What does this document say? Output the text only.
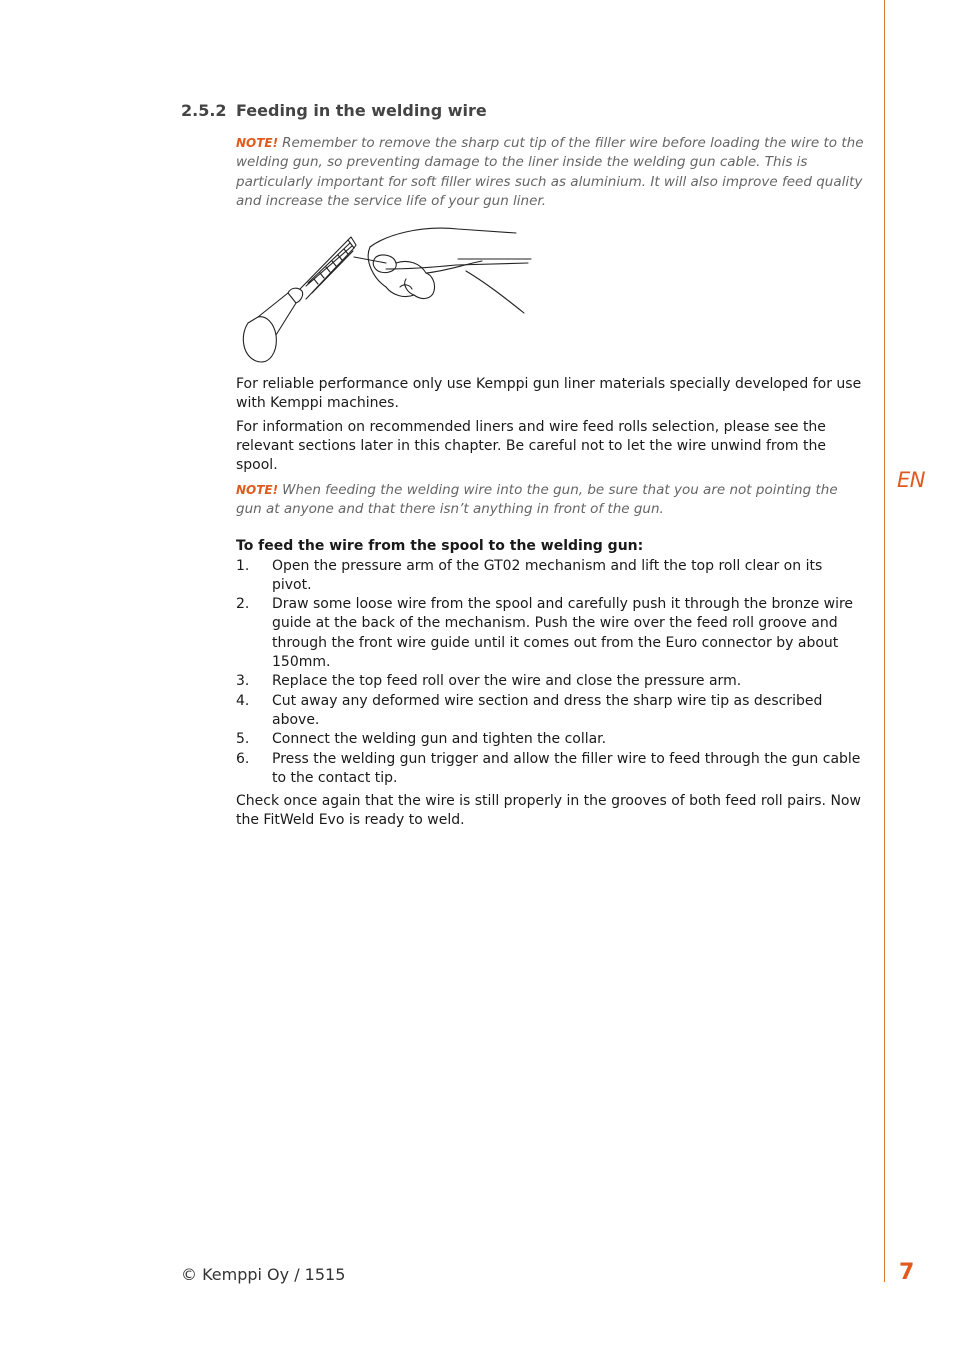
EN
2.5.2 Feeding in the welding wire

NOTE! Remember to remove the sharp cut tip of the filler wire before loading the wire to the welding gun, so preventing damage to the liner inside the welding gun cable. This is particularly important for soft filler wires such as aluminium. It will also improve feed quality and increase the service life of your gun liner.

For reliable performance only use Kemppi gun liner materials specially developed for use with Kemppi machines.

For information on recommended liners and wire feed rolls selection, please see the relevant sections later in this chapter. Be careful not to let the wire unwind from the spool.

NOTE! When feeding the welding wire into the gun, be sure that you are not pointing the gun at anyone and that there isn’t anything in front of the gun.

To feed the wire from the spool to the welding gun:

1. Open the pressure arm of the GT02 mechanism and lift the top roll clear on its pivot.
2. Draw some loose wire from the spool and carefully push it through the bronze wire guide at the back of the mechanism. Push the wire over the feed roll groove and through the front wire guide until it comes out from the Euro connector by about 150mm.
3. Replace the top feed roll over the wire and close the pressure arm.
4. Cut away any deformed wire section and dress the sharp wire tip as described above.
5. Connect the welding gun and tighten the collar.
6. Press the welding gun trigger and allow the filler wire to feed through the gun cable to the contact tip.

Check once again that the wire is still properly in the grooves of both feed roll pairs. Now the FitWeld Evo is ready to weld.

© Kemppi Oy / 1515	7
